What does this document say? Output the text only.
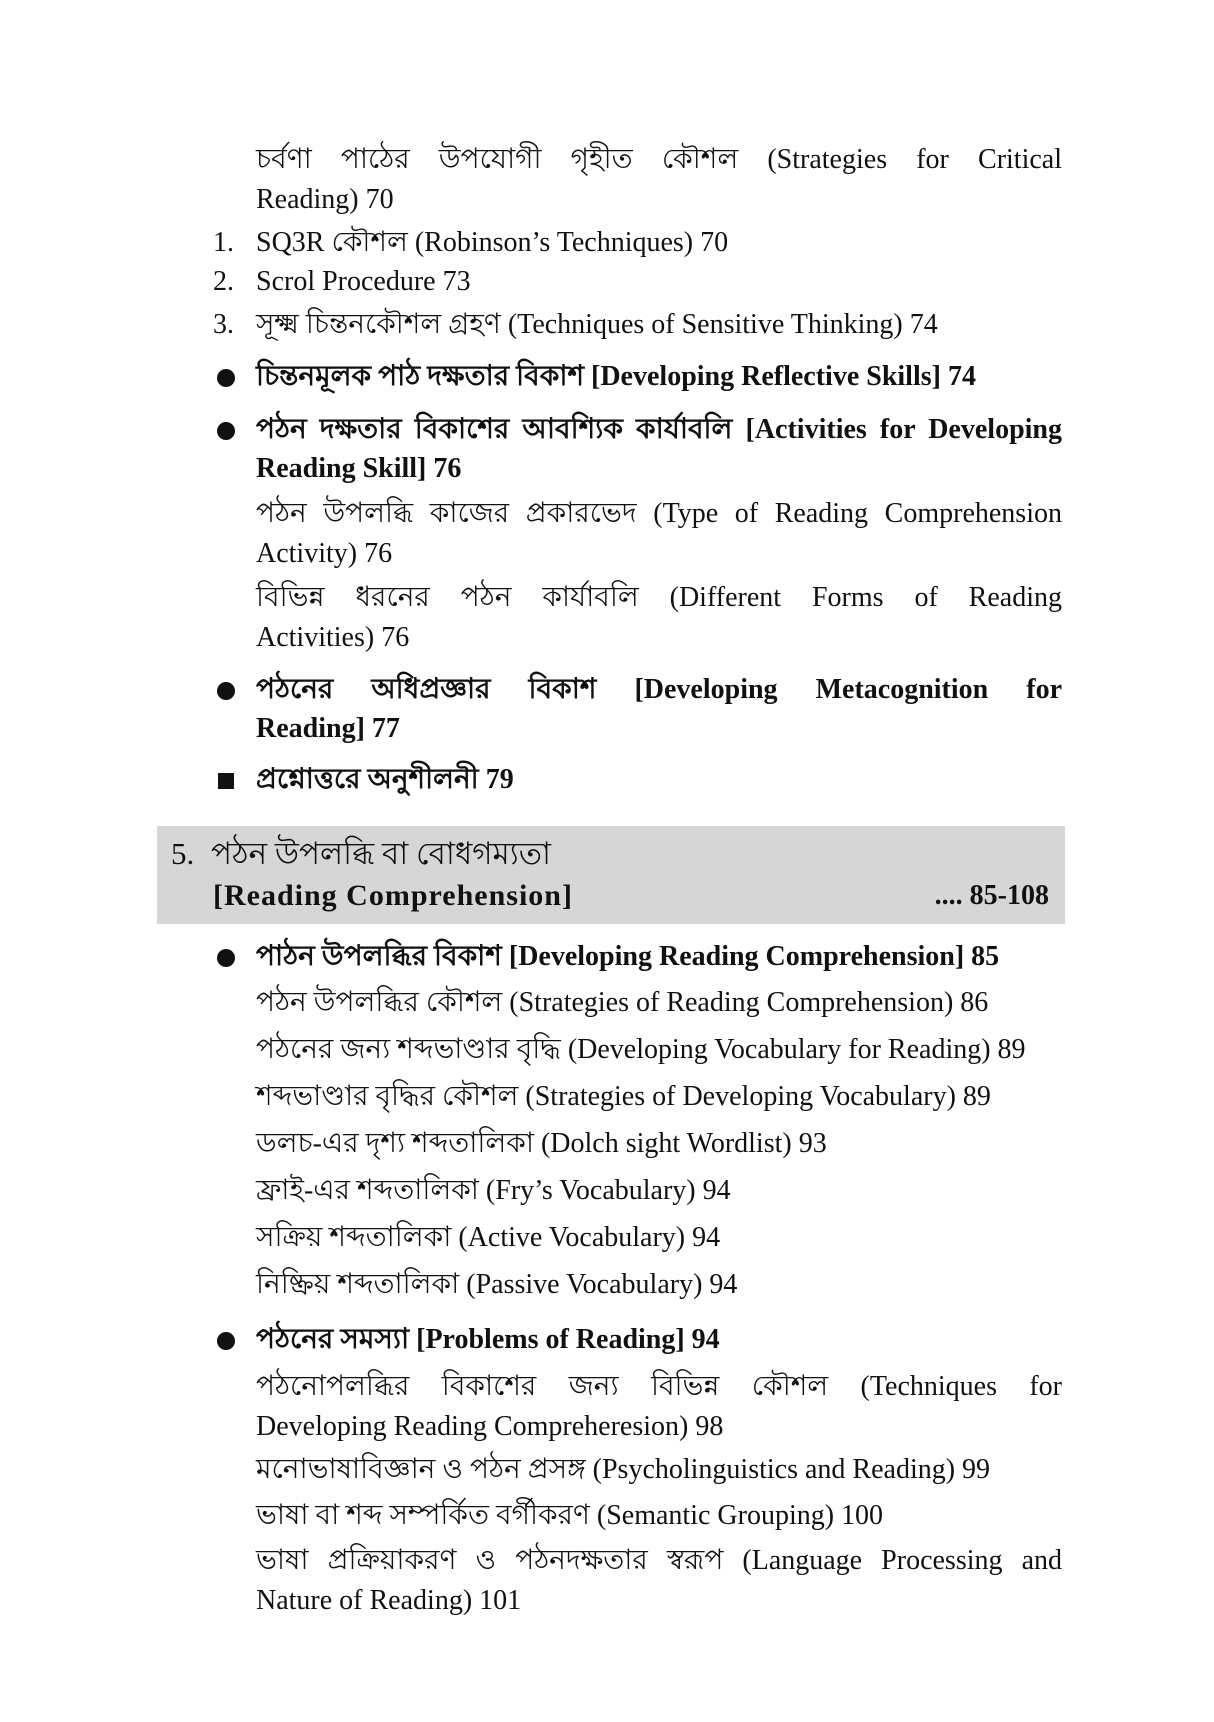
চর্বণা পাঠের উপযোগী গৃহীত কৌশল (Strategies for Critical
Reading) 70
1. SQ3R কৌশল (Robinson’s Techniques) 70
2. Scrol Procedure 73
3. সূক্ষ্ম চিন্তনকৌশল গ্রহণ (Techniques of Sensitive Thinking) 74
চিন্তনমূলক পাঠ দক্ষতার বিকাশ [Developing Reflective Skills] 74
পঠন দক্ষতার বিকাশের আবশ্যিক কার্যাবলি [Activities for Developing
Reading Skill] 76
পঠন উপলব্ধি কাজের প্রকারভেদ (Type of Reading Comprehension
Activity) 76
বিভিন্ন ধরনের পঠন কার্যাবলি (Different Forms of Reading
Activities) 76
পঠনের অধিপ্রজ্ঞার বিকাশ [Developing Metacognition for
Reading] 77
প্রশ্নোত্তরে অনুশীলনী 79
5. পঠন উপলব্ধি বা বোধগম্যতা
[Reading Comprehension]	.... 85-108
পাঠন উপলব্ধির বিকাশ [Developing Reading Comprehension] 85
পঠন উপলব্ধির কৌশল (Strategies of Reading Comprehension) 86
পঠনের জন্য শব্দভাণ্ডার বৃদ্ধি (Developing Vocabulary for Reading) 89
শব্দভাণ্ডার বৃদ্ধির কৌশল (Strategies of Developing Vocabulary) 89
ডলচ-এর দৃশ্য শব্দতালিকা (Dolch sight Wordlist) 93
ফ্রাই-এর শব্দতালিকা (Fry’s Vocabulary) 94
সক্রিয় শব্দতালিকা (Active Vocabulary) 94
নিষ্ক্রিয় শব্দতালিকা (Passive Vocabulary) 94
পঠনের সমস্যা [Problems of Reading] 94
পঠনোপলব্ধির বিকাশের জন্য বিভিন্ন কৌশল (Techniques for
Developing Reading Compreheresion) 98
মনোভাষাবিজ্ঞান ও পঠন প্রসঙ্গ (Psycholinguistics and Reading) 99
ভাষা বা শব্দ সম্পর্কিত বর্গীকরণ (Semantic Grouping) 100
ভাষা প্রক্রিয়াকরণ ও পঠনদক্ষতার স্বরূপ (Language Processing and
Nature of Reading) 101
